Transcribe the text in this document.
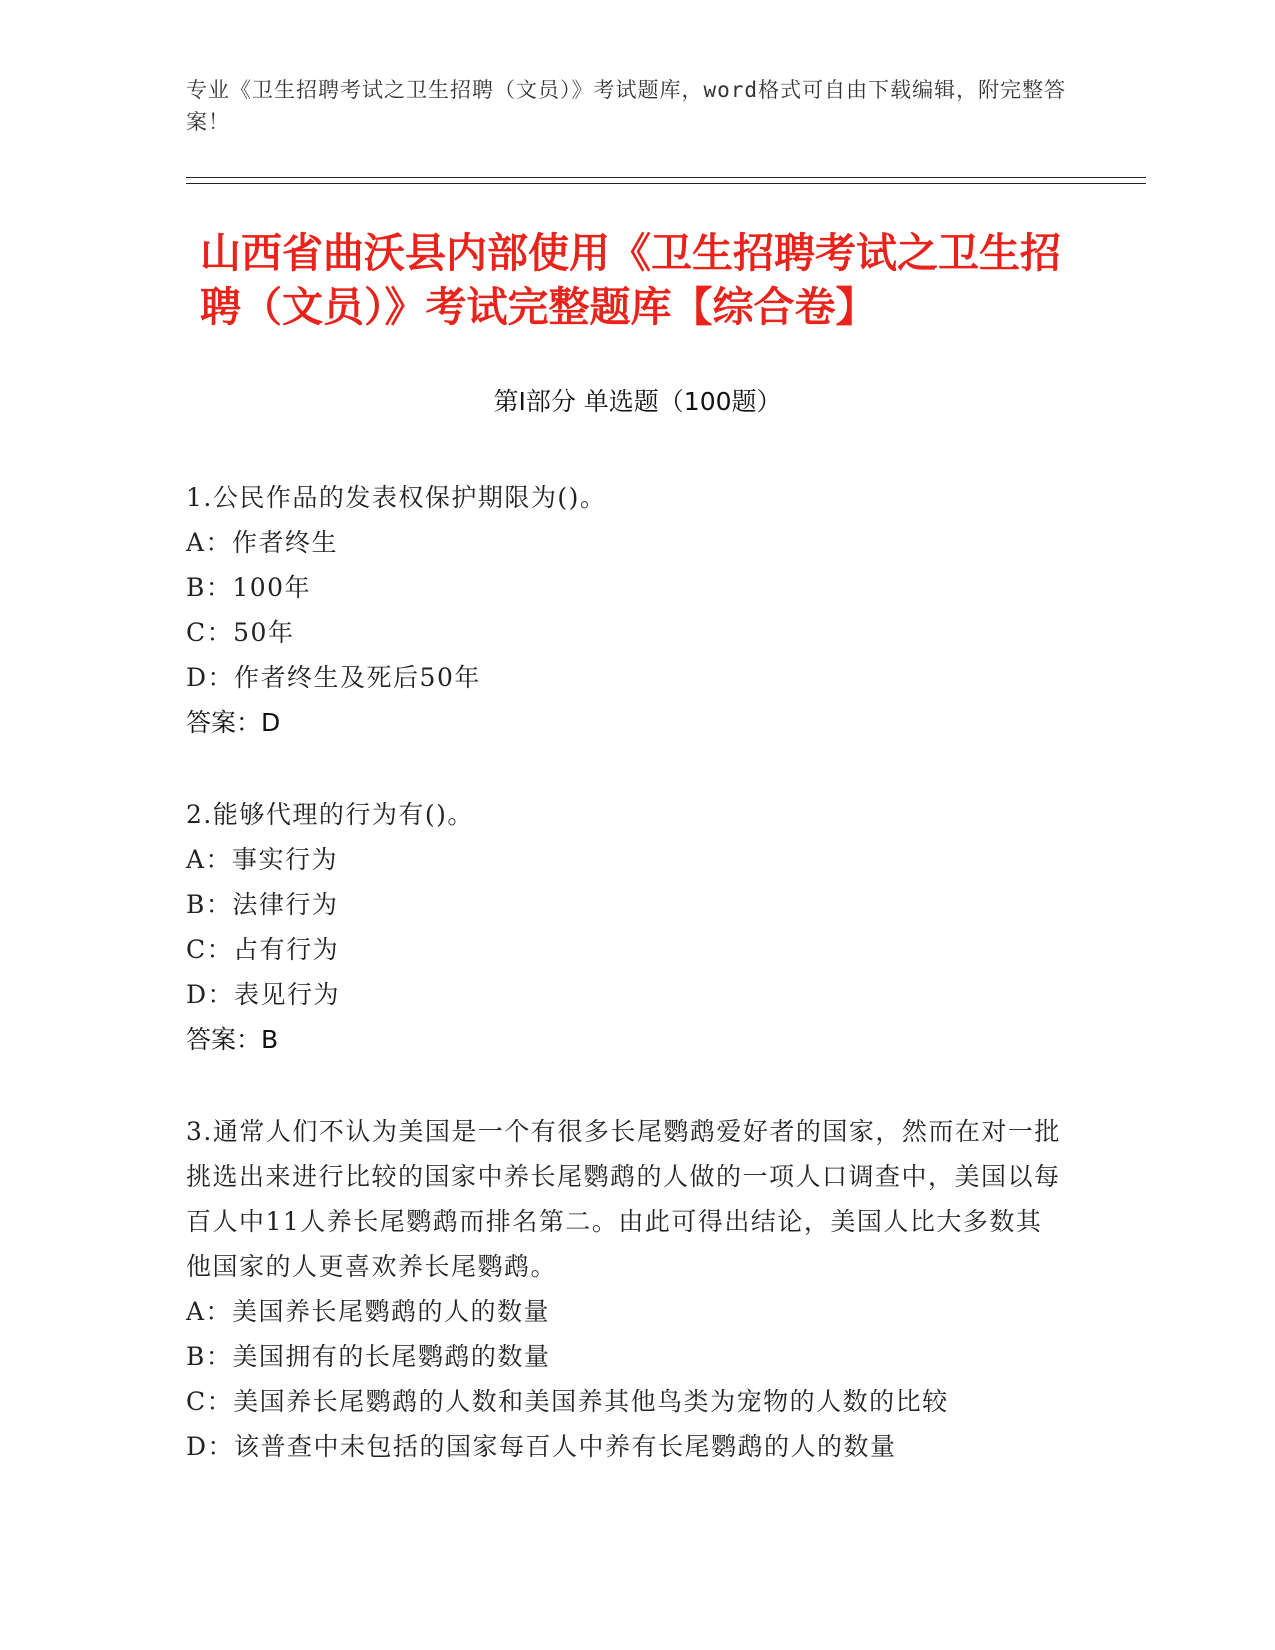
专业《卫生招聘考试之卫生招聘（文员）》考试题库，word格式可自由下载编辑，附完整答案！
山西省曲沃县内部使用《卫生招聘考试之卫生招聘（文员）》考试完整题库【综合卷】
第Ⅰ部分 单选题（100题）
1.公民作品的发表权保护期限为()。
A：作者终生
B：100年
C：50年
D：作者终生及死后50年
答案：D
2.能够代理的行为有()。
A：事实行为
B：法律行为
C：占有行为
D：表见行为
答案：B
3.通常人们不认为美国是一个有很多长尾鹦鹉爱好者的国家，然而在对一批挑选出来进行比较的国家中养长尾鹦鹉的人做的一项人口调查中，美国以每百人中11人养长尾鹦鹉而排名第二。由此可得出结论，美国人比大多数其他国家的人更喜欢养长尾鹦鹉。
A：美国养长尾鹦鹉的人的数量
B：美国拥有的长尾鹦鹉的数量
C：美国养长尾鹦鹉的人数和美国养其他鸟类为宠物的人数的比较
D：该普查中未包括的国家每百人中养有长尾鹦鹉的人的数量
